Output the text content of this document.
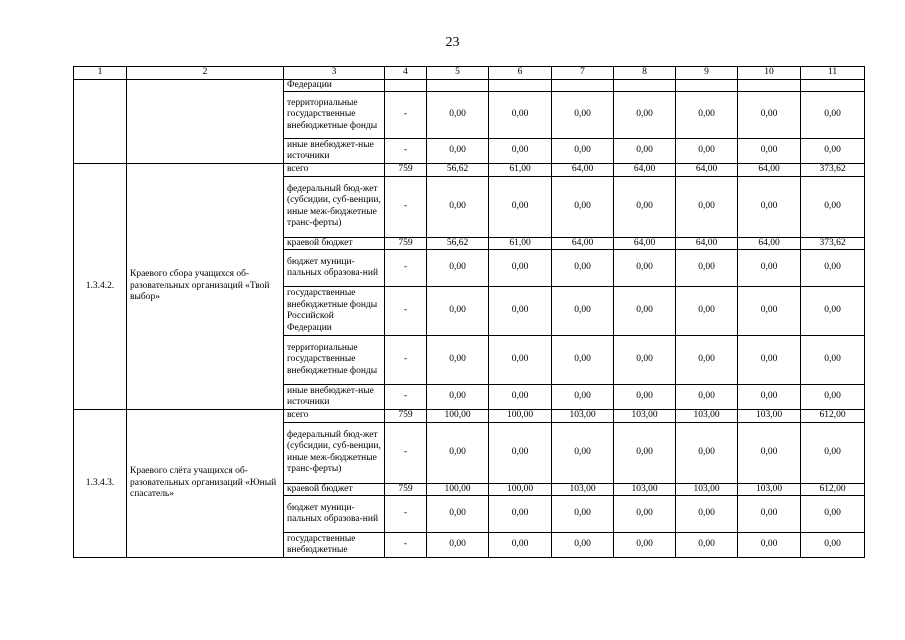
23
1	2	3	4	5	6	7	8	9	10	11
		Федерации								
		территориальные государственные внебюджетные фонды	-	0,00	0,00	0,00	0,00	0,00	0,00	0,00
		иные внебюджет-ные источники	-	0,00	0,00	0,00	0,00	0,00	0,00	0,00
1.3.4.2.	Краевого сбора учащихся об-разовательных организаций «Твой выбор»	всего	759	56,62	61,00	64,00	64,00	64,00	64,00	373,62
		федеральный бюд-жет (субсидии, суб-венции, иные меж-бюджетные транс-ферты)	-	0,00	0,00	0,00	0,00	0,00	0,00	0,00
		краевой бюджет	759	56,62	61,00	64,00	64,00	64,00	64,00	373,62
		бюджет муници-пальных образова-ний	-	0,00	0,00	0,00	0,00	0,00	0,00	0,00
		государственные внебюджетные фонды Российской Федерации	-	0,00	0,00	0,00	0,00	0,00	0,00	0,00
		территориальные государственные внебюджетные фонды	-	0,00	0,00	0,00	0,00	0,00	0,00	0,00
		иные внебюджет-ные источники	-	0,00	0,00	0,00	0,00	0,00	0,00	0,00
1.3.4.3.	Краевого слёта учащихся об-разовательных организаций «Юный спасатель»	всего	759	100,00	100,00	103,00	103,00	103,00	103,00	612,00
		федеральный бюд-жет (субсидии, суб-венции, иные меж-бюджетные транс-ферты)	-	0,00	0,00	0,00	0,00	0,00	0,00	0,00
		краевой бюджет	759	100,00	100,00	103,00	103,00	103,00	103,00	612,00
		бюджет муници-пальных образова-ний	-	0,00	0,00	0,00	0,00	0,00	0,00	0,00
		государственные внебюджетные	-	0,00	0,00	0,00	0,00	0,00	0,00	0,00
